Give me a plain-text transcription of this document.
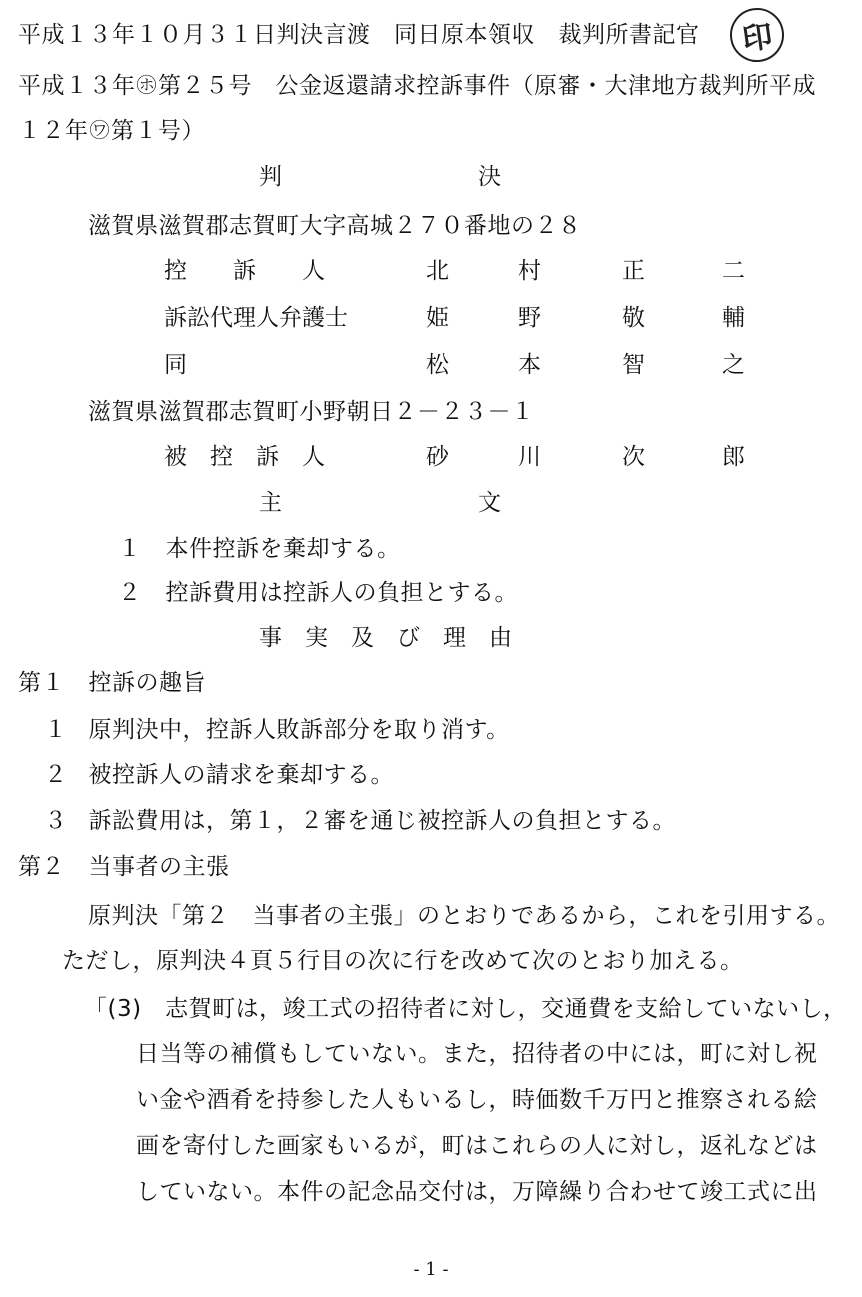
平成１３年１０月３１日判決言渡　同日原本領収　裁判所書記官	印
平成１３年㋭第２５号　公金返還請求控訴事件（原審・大津地方裁判所平成
１２年㋻第１号）
判	決
滋賀県滋賀郡志賀町大字高城２７０番地の２８
控　　訴　　人	北	村	正	二
訴訟代理人弁護士	姫	野	敬	輔
同	松	本	智	之
滋賀県滋賀郡志賀町小野朝日２－２３－１
被　控　訴　人	砂	川	次	郎
主	文
１ 本件控訴を棄却する。
２ 控訴費用は控訴人の負担とする。
事　実　及　び　理　由
第１　控訴の趣旨
１ 原判決中，控訴人敗訴部分を取り消す。
２ 被控訴人の請求を棄却する。
３ 訴訟費用は，第１，２審を通じ被控訴人の負担とする。
第２　当事者の主張
原判決「第２　当事者の主張」のとおりであるから，これを引用する。
ただし，原判決４頁５行目の次に行を改めて次のとおり加える。
「(3)　志賀町は，竣工式の招待者に対し，交通費を支給していないし，
日当等の補償もしていない。また，招待者の中には，町に対し祝
い金や酒肴を持参した人もいるし，時価数千万円と推察される絵
画を寄付した画家もいるが，町はこれらの人に対し，返礼などは
していない。本件の記念品交付は，万障繰り合わせて竣工式に出
- 1 -
